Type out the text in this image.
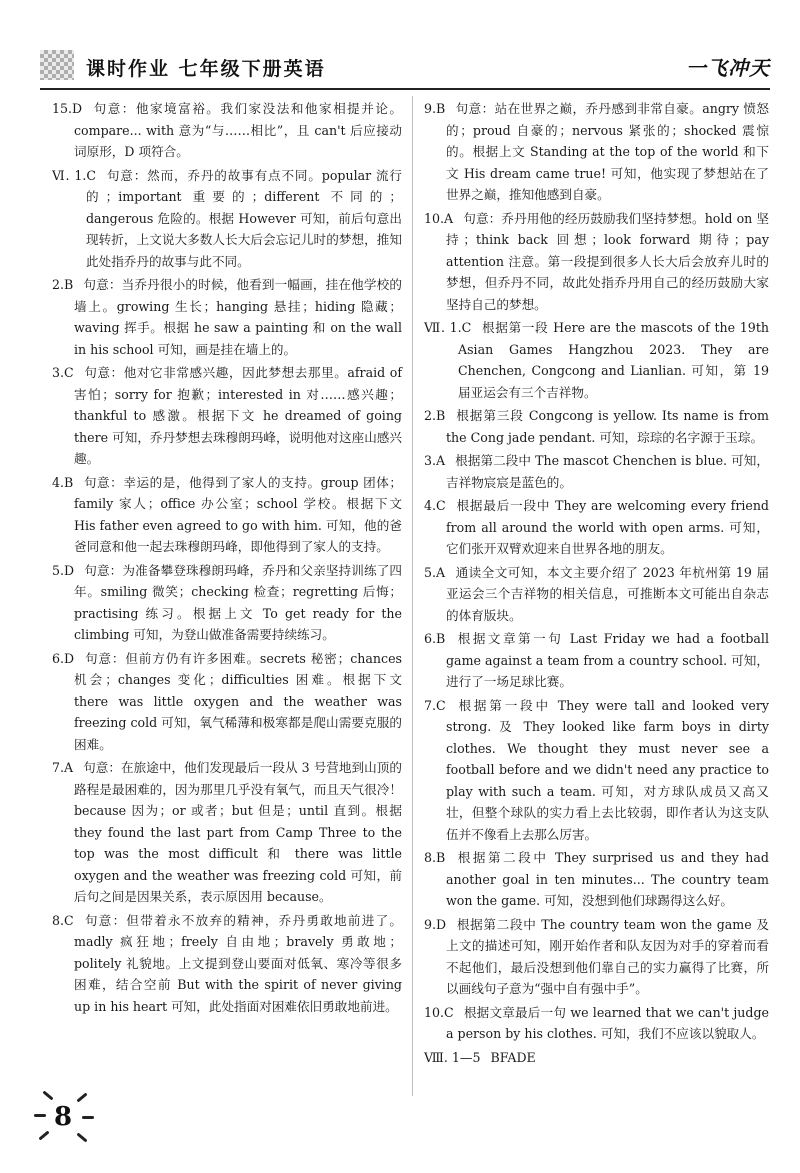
课时作业 七年级下册英语	一飞冲天
15.D 句意：他家境富裕。我们家没法和他家相提并论。compare... with 意为“与……相比”，且 can't 后应接动词原形，D 项符合。
Ⅵ. 1.C 句意：然而，乔丹的故事有点不同。popular 流行的；important 重要的；different 不同的；dangerous 危险的。根据 However 可知，前后句意出现转折，上文说大多数人长大后会忘记儿时的梦想，推知此处指乔丹的故事与此不同。
2.B 句意：当乔丹很小的时候，他看到一幅画，挂在他学校的墙上。growing 生长；hanging 悬挂；hiding 隐藏；waving 挥手。根据 he saw a painting 和 on the wall in his school 可知，画是挂在墙上的。
3.C 句意：他对它非常感兴趣，因此梦想去那里。afraid of 害怕；sorry for 抱歉；interested in 对……感兴趣；thankful to 感激。根据下文 he dreamed of going there 可知，乔丹梦想去珠穆朗玛峰，说明他对这座山感兴趣。
4.B 句意：幸运的是，他得到了家人的支持。group 团体；family 家人；office 办公室；school 学校。根据下文 His father even agreed to go with him. 可知，他的爸爸同意和他一起去珠穆朗玛峰，即他得到了家人的支持。
5.D 句意：为准备攀登珠穆朗玛峰，乔丹和父亲坚持训练了四年。smiling 微笑；checking 检查；regretting 后悔；practising 练习。根据上文 To get ready for the climbing 可知，为登山做准备需要持续练习。
6.D 句意：但前方仍有许多困难。secrets 秘密；chances 机会；changes 变化；difficulties 困难。根据下文 there was little oxygen and the weather was freezing cold 可知，氧气稀薄和极寒都是爬山需要克服的困难。
7.A 句意：在旅途中，他们发现最后一段从 3 号营地到山顶的路程是最困难的，因为那里几乎没有氧气，而且天气很冷！because 因为；or 或者；but 但是；until 直到。根据 they found the last part from Camp Three to the top was the most difficult 和 there was little oxygen and the weather was freezing cold 可知，前后句之间是因果关系，表示原因用 because。
8.C 句意：但带着永不放弃的精神，乔丹勇敢地前进了。madly 疯狂地；freely 自由地；bravely 勇敢地；politely 礼貌地。上文提到登山要面对低氧、寒冷等很多困难，结合空前 But with the spirit of never giving up in his heart 可知，此处指面对困难依旧勇敢地前进。
9.B 句意：站在世界之巅，乔丹感到非常自豪。angry 愤怒的；proud 自豪的；nervous 紧张的；shocked 震惊的。根据上文 Standing at the top of the world 和下文 His dream came true! 可知，他实现了梦想站在了世界之巅，推知他感到自豪。
10.A 句意：乔丹用他的经历鼓励我们坚持梦想。hold on 坚持；think back 回想；look forward 期待；pay attention 注意。第一段提到很多人长大后会放弃儿时的梦想，但乔丹不同，故此处指乔丹用自己的经历鼓励大家坚持自己的梦想。
Ⅶ. 1.C 根据第一段 Here are the mascots of the 19th Asian Games Hangzhou 2023. They are Chenchen, Congcong and Lianlian. 可知，第 19 届亚运会有三个吉祥物。
2.B 根据第三段 Congcong is yellow. Its name is from the Cong jade pendant. 可知，琮琮的名字源于玉琮。
3.A 根据第二段中 The mascot Chenchen is blue. 可知，吉祥物宸宸是蓝色的。
4.C 根据最后一段中 They are welcoming every friend from all around the world with open arms. 可知，它们张开双臂欢迎来自世界各地的朋友。
5.A 通读全文可知，本文主要介绍了 2023 年杭州第 19 届亚运会三个吉祥物的相关信息，可推断本文可能出自杂志的体育版块。
6.B 根据文章第一句 Last Friday we had a football game against a team from a country school. 可知，进行了一场足球比赛。
7.C 根据第一段中 They were tall and looked very strong. 及 They looked like farm boys in dirty clothes. We thought they must never see a football before and we didn't need any practice to play with such a team. 可知，对方球队成员又高又壮，但整个球队的实力看上去比较弱，即作者认为这支队伍并不像看上去那么厉害。
8.B 根据第二段中 They surprised us and they had another goal in ten minutes... The country team won the game. 可知，没想到他们球踢得这么好。
9.D 根据第二段中 The country team won the game 及上文的描述可知，刚开始作者和队友因为对手的穿着而看不起他们，最后没想到他们靠自己的实力赢得了比赛，所以画线句子意为“强中自有强中手”。
10.C 根据文章最后一句 we learned that we can't judge a person by his clothes. 可知，我们不应该以貌取人。
Ⅷ. 1—5 BFADE
8
